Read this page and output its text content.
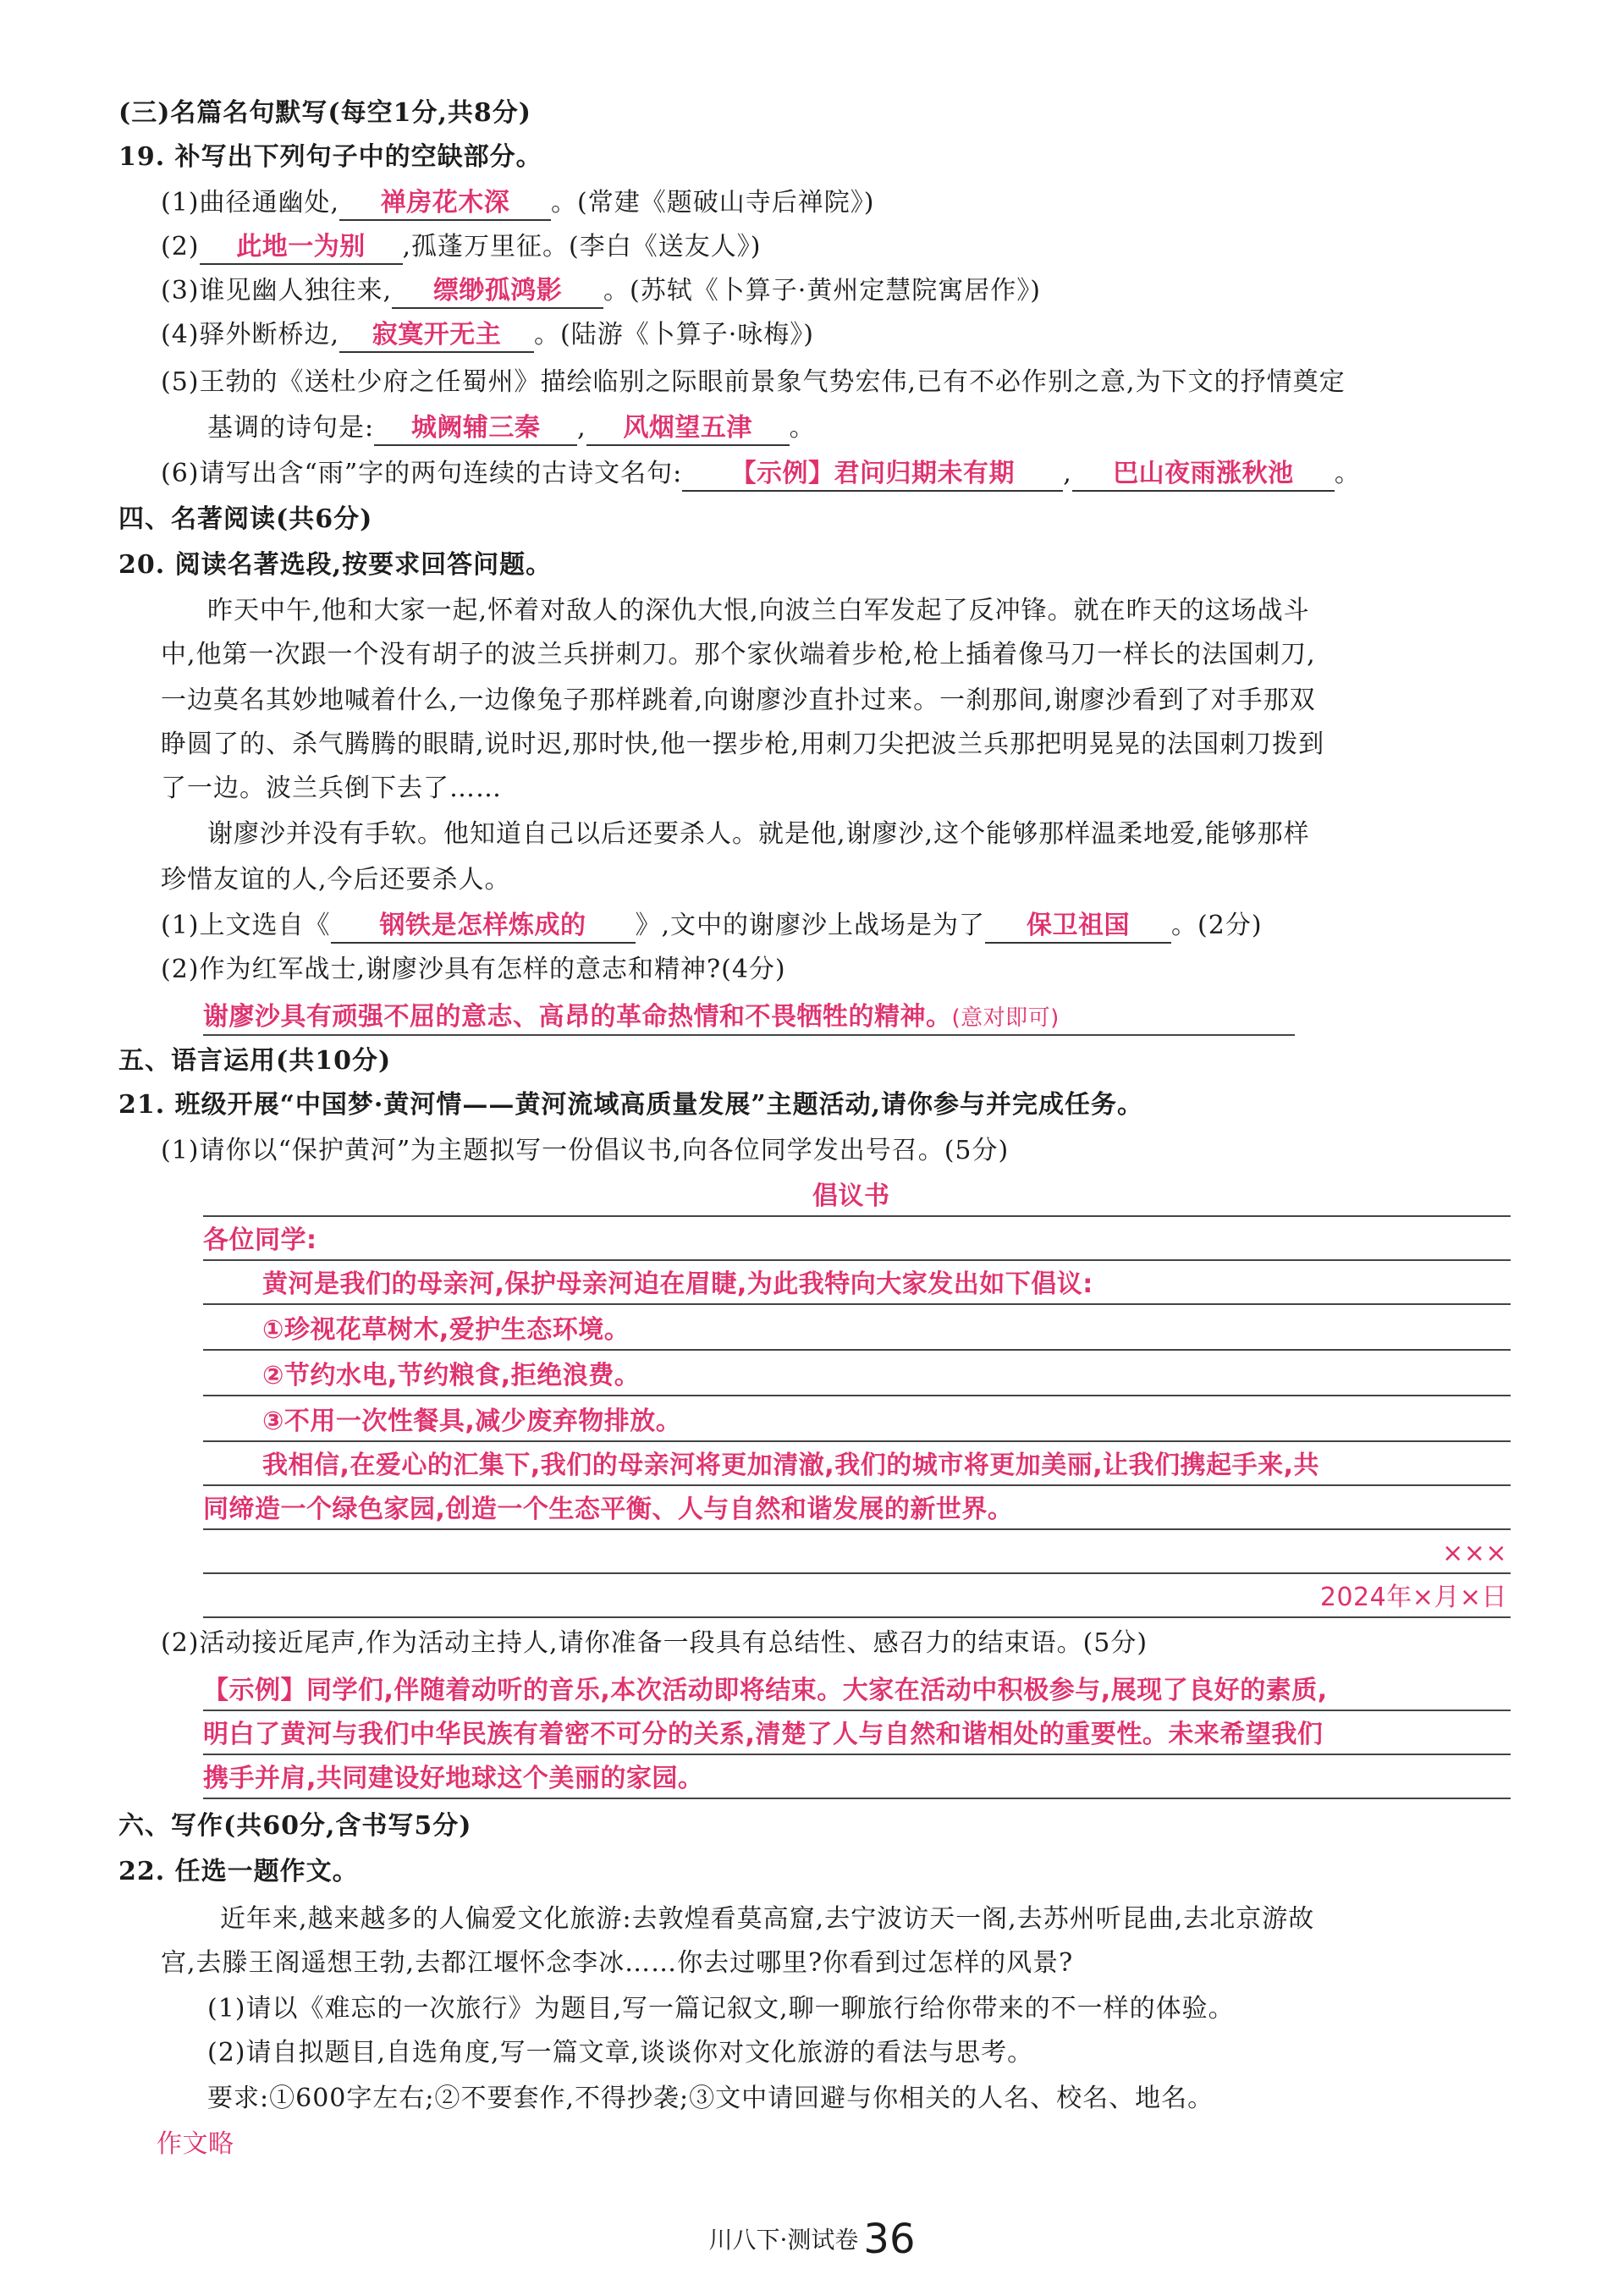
(三)名篇名句默写(每空1分,共8分)
19. 补写出下列句子中的空缺部分。
(1)曲径通幽处, 禅房花木深 。(常建《题破山寺后禅院》)
(2) 此地一为别 ,孤蓬万里征。(李白《送友人》)
(3)谁见幽人独往来, 缥缈孤鸿影 。(苏轼《卜算子·黄州定慧院寓居作》)
(4)驿外断桥边, 寂寞开无主 。(陆游《卜算子·咏梅》)
(5)王勃的《送杜少府之任蜀州》描绘临别之际眼前景象气势宏伟,已有不必作别之意,为下文的抒情奠定
基调的诗句是: 城阙辅三秦 , 风烟望五津 。
(6)请写出含“雨”字的两句连续的古诗文名句: 【示例】君问归期未有期 , 巴山夜雨涨秋池 。
四、名著阅读(共6分)
20. 阅读名著选段,按要求回答问题。
昨天中午,他和大家一起,怀着对敌人的深仇大恨,向波兰白军发起了反冲锋。就在昨天的这场战斗
中,他第一次跟一个没有胡子的波兰兵拼刺刀。那个家伙端着步枪,枪上插着像马刀一样长的法国刺刀,
一边莫名其妙地喊着什么,一边像兔子那样跳着,向谢廖沙直扑过来。一刹那间,谢廖沙看到了对手那双
睁圆了的、杀气腾腾的眼睛,说时迟,那时快,他一摆步枪,用刺刀尖把波兰兵那把明晃晃的法国刺刀拨到
了一边。波兰兵倒下去了……
谢廖沙并没有手软。他知道自己以后还要杀人。就是他,谢廖沙,这个能够那样温柔地爱,能够那样
珍惜友谊的人,今后还要杀人。
(1)上文选自《 钢铁是怎样炼成的 》,文中的谢廖沙上战场是为了 保卫祖国 。(2分)
(2)作为红军战士,谢廖沙具有怎样的意志和精神?(4分)
谢廖沙具有顽强不屈的意志、高昂的革命热情和不畏牺牲的精神。(意对即可)
五、语言运用(共10分)
21. 班级开展“中国梦·黄河情——黄河流域高质量发展”主题活动,请你参与并完成任务。
(1)请你以“保护黄河”为主题拟写一份倡议书,向各位同学发出号召。(5分)
倡议书
各位同学:
黄河是我们的母亲河,保护母亲河迫在眉睫,为此我特向大家发出如下倡议:
①珍视花草树木,爱护生态环境。
②节约水电,节约粮食,拒绝浪费。
③不用一次性餐具,减少废弃物排放。
我相信,在爱心的汇集下,我们的母亲河将更加清澈,我们的城市将更加美丽,让我们携起手来,共
同缔造一个绿色家园,创造一个生态平衡、人与自然和谐发展的新世界。
×××
2024年×月×日
(2)活动接近尾声,作为活动主持人,请你准备一段具有总结性、感召力的结束语。(5分)
【示例】同学们,伴随着动听的音乐,本次活动即将结束。大家在活动中积极参与,展现了良好的素质,
明白了黄河与我们中华民族有着密不可分的关系,清楚了人与自然和谐相处的重要性。未来希望我们
携手并肩,共同建设好地球这个美丽的家园。
六、写作(共60分,含书写5分)
22. 任选一题作文。
近年来,越来越多的人偏爱文化旅游:去敦煌看莫高窟,去宁波访天一阁,去苏州听昆曲,去北京游故
宫,去滕王阁遥想王勃,去都江堰怀念李冰……你去过哪里?你看到过怎样的风景?
(1)请以《难忘的一次旅行》为题目,写一篇记叙文,聊一聊旅行给你带来的不一样的体验。
(2)请自拟题目,自选角度,写一篇文章,谈谈你对文化旅游的看法与思考。
要求:①600字左右;②不要套作,不得抄袭;③文中请回避与你相关的人名、校名、地名。
作文略
川八下·测试卷 36
